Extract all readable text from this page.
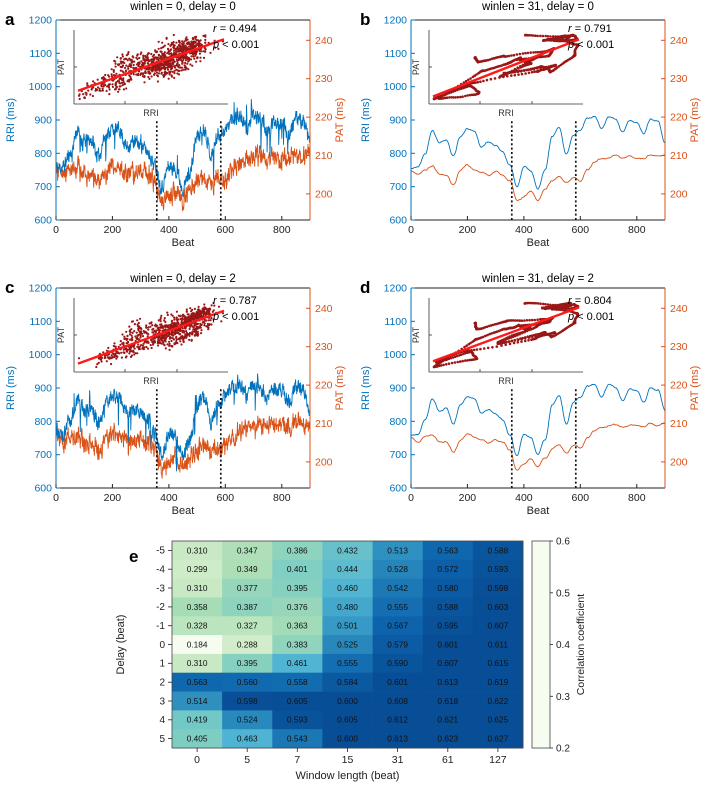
a
winlen = 0, delay = 0
r = 0.494
p < 0.001
0	200	400	600	800
600
700
800
900
1000
1100
1200
200
210
220
230
240
RRI (ms)	PAT (ms)
Beat
PAT
RRI
b
winlen = 31, delay = 0
r = 0.791
p < 0.001
0	200	400	600	800
600
700
800
900
1000
1100
1200
200
210
220
230
240
RRI (ms)	PAT (ms)
Beat
PAT
RRI
c	winlen = 0, delay = 2
r = 0.787
p < 0.001
0	200	400	600	800
600
700
800
900
1000
1100
1200
200
210
220
230
240
RRI (ms)	PAT (ms)
Beat
PAT
RRI
d	winlen = 31, delay = 2
r = 0.804
p < 0.001
0	200	400	600	800
600
700
800
900
1000
1100
1200
200
210
220
230
240
RRI (ms)	PAT (ms)
Beat
PAT
RRI
e	0.310	0.347	0.386	0.432	0.513	0.563	0.588
0.299	0.349	0.401	0.444	0.528	0.572	0.593
0.310	0.377	0.395	0.460	0.542	0.580	0.598
0.358	0.387	0.376	0.480	0.555	0.588	0.603
0.328	0.327	0.363	0.501	0.567	0.595	0.607
0.184	0.288	0.383	0.525	0.579	0.601	0.611
0.310	0.395	0.461	0.555	0.590	0.607	0.615
0.563	0.560	0.558	0.584	0.601	0.613	0.619
0.514	0.598	0.605	0.600	0.608	0.618	0.622
0.419	0.524	0.593	0.605	0.612	0.621	0.625
0.405	0.463	0.543	0.600	0.613	0.623	0.627
-5
-4
-3
-2
-1
0
1
2
3
4
5
0	5	7	15	31	61	127
Window length (beat)
Delay (beat)
0.2
0.3
0.4
0.5
0.6
Correlation coefficient
